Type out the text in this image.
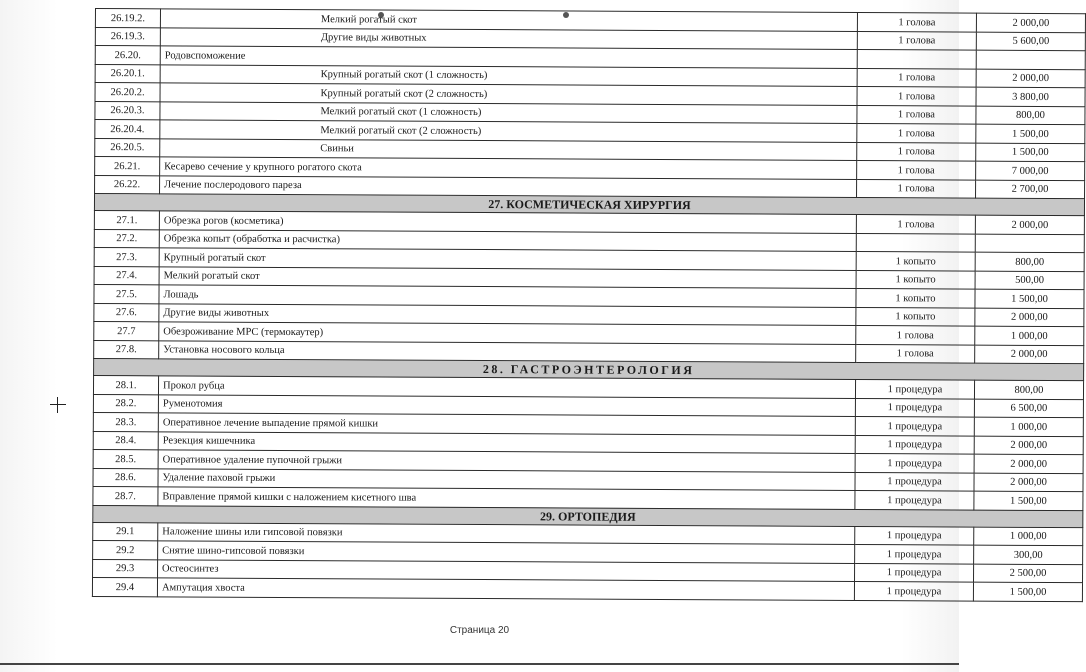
26.19.2.	Мелкий рогатый скот	1 голова	2 000,00
26.19.3.	Другие виды животных	1 голова	5 600,00
26.20.	Родовспоможение		
26.20.1.	Крупный рогатый скот (1 сложность)	1 голова	2 000,00
26.20.2.	Крупный рогатый скот (2 сложность)	1 голова	3 800,00
26.20.3.	Мелкий рогатый скот (1 сложность)	1 голова	800,00
26.20.4.	Мелкий рогатый скот (2 сложность)	1 голова	1 500,00
26.20.5.	Свиньи	1 голова	1 500,00
26.21.	Кесарево сечение у крупного рогатого скота	1 голова	7 000,00
26.22.	Лечение послеродового пареза	1 голова	2 700,00
27. КОСМЕТИЧЕСКАЯ ХИРУРГИЯ			
27.1.	Обрезка рогов (косметика)	1 голова	2 000,00
27.2.	Обрезка копыт (обработка и расчистка)		
27.3.	Крупный рогатый скот	1 копыто	800,00
27.4.	Мелкий рогатый скот	1 копыто	500,00
27.5.	Лошадь	1 копыто	1 500,00
27.6.	Другие виды животных	1 копыто	2 000,00
27.7	Обезроживание МРС (термокаутер)	1 голова	1 000,00
27.8.	Установка носового кольца	1 голова	2 000,00
28. ГАСТРОЭНТЕРОЛОГИЯ			
28.1.	Прокол рубца	1 процедура	800,00
28.2.	Руменотомия	1 процедура	6 500,00
28.3.	Оперативное лечение выпадение прямой кишки	1 процедура	1 000,00
28.4.	Резекция кишечника	1 процедура	2 000,00
28.5.	Оперативное удаление пупочной грыжи	1 процедура	2 000,00
28.6.	Удаление паховой грыжи	1 процедура	2 000,00
28.7.	Вправление прямой кишки с наложением кисетного шва	1 процедура	1 500,00
29. ОРТОПЕДИЯ			
29.1	Наложение шины или гипсовой повязки	1 процедура	1 000,00
29.2	Снятие шино-гипсовой повязки	1 процедура	300,00
29.3	Остеосинтез	1 процедура	2 500,00
29.4	Ампутация хвоста	1 процедура	1 500,00
Страница 20
